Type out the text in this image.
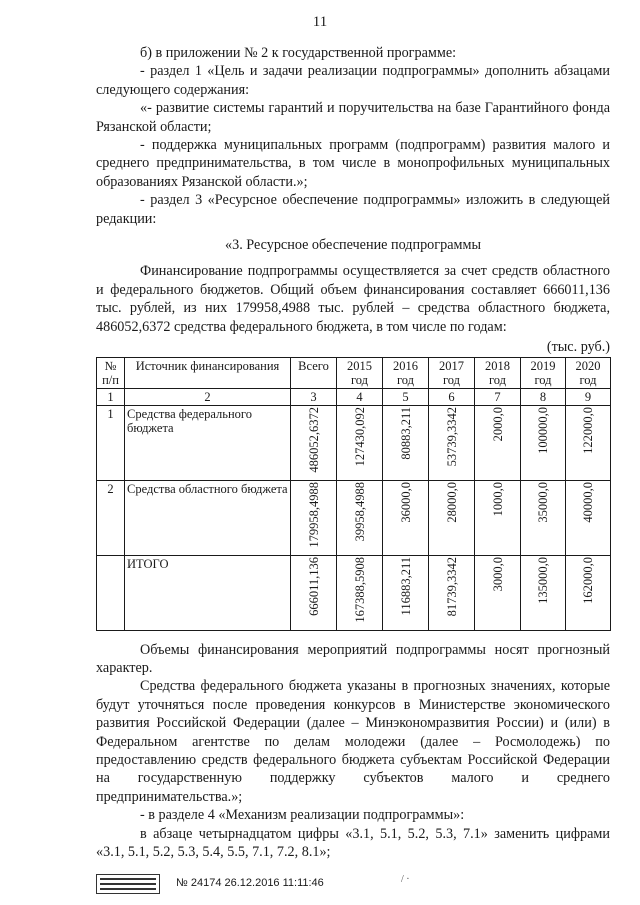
11

б) в приложении № 2 к государственной программе:

- раздел 1 «Цель и задачи реализации подпрограммы» дополнить абзацами следующего содержания:

«- развитие системы гарантий и поручительства на базе Гарантийного фонда Рязанской области;

- поддержка муниципальных программ (подпрограмм) развития малого и среднего предпринимательства, в том числе в монопрофильных муниципальных образованиях Рязанской области.»;

- раздел 3 «Ресурсное обеспечение подпрограммы» изложить в следующей редакции:

«3. Ресурсное обеспечение подпрограммы

Финансирование подпрограммы осуществляется за счет средств областного и федерального бюджетов. Общий объем финансирования составляет 666011,136 тыс. рублей, из них 179958,4988 тыс. рублей – средства областного бюджета, 486052,6372 средства федерального бюджета, в том числе по годам:

(тыс. руб.)

№ п/п	Источник финансирования	Всего	2015 год	2016 год	2017 год	2018 год	2019 год	2020 год
1	2	3	4	5	6	7	8	9
1	Средства федерального бюджета	486052,6372	127430,092	80883,211	53739,3342	2000,0	100000,0	122000,0

2	Средства областного бюджета	179958,4988	39958,4988	36000,0	28000,0	1000,0	35000,0	40000,0

	ИТОГО	666011,136	167388,5908	116883,211	81739,3342	3000,0	135000,0	162000,0

Объемы финансирования мероприятий подпрограммы носят прогнозный характер.

Средства федерального бюджета указаны в прогнозных значениях, которые будут уточняться после проведения конкурсов в Министерстве экономического развития Российской Федерации (далее – Минэкономразвития России) и (или) в Федеральном агентстве по делам молодежи (далее – Росмолодежь) по предоставлению средств федерального бюджета субъектам Российской Федерации на государственную поддержку субъектов малого и среднего предпринимательства.»;

- в разделе 4 «Механизм реализации подпрограммы»:

в абзаце четырнадцатом цифры «3.1, 5.1, 5.2, 5.3, 7.1» заменить цифрами «3.1, 5.1, 5.2, 5.3, 5.4, 5.5, 7.1, 7.2, 8.1»;

№ 24174 26.12.2016 11:11:46	/ ·
